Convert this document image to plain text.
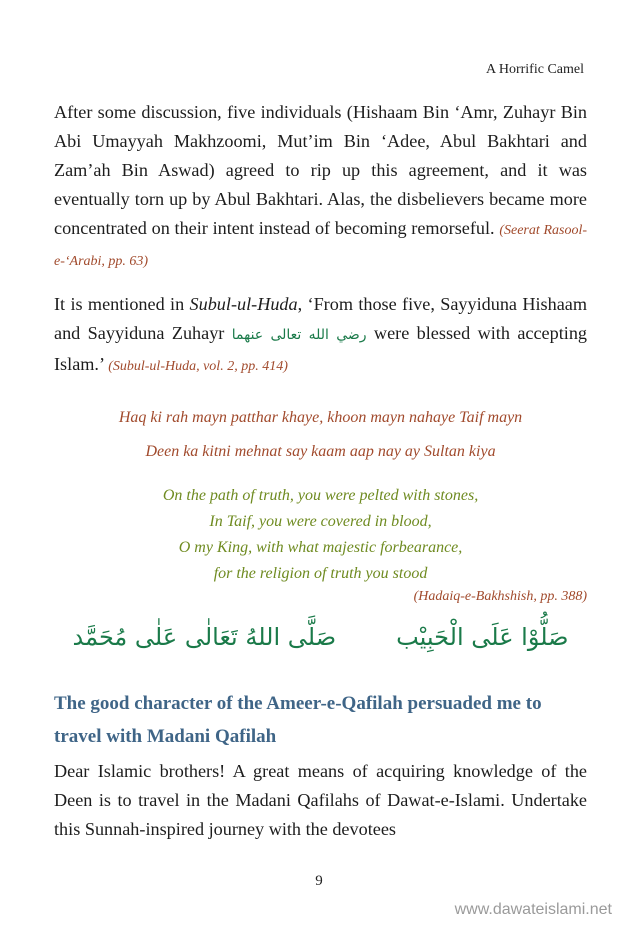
A Horrific Camel

After some discussion, five individuals (Hishaam Bin ‘Amr, Zuhayr Bin Abi Umayyah Makhzoomi, Mut’im Bin ‘Adee, Abul Bakhtari and Zam’ah Bin Aswad) agreed to rip up this agreement, and it was eventually torn up by Abul Bakhtari. Alas, the disbelievers became more concentrated on their intent instead of becoming remorseful. (Seerat Rasool-e-‘Arabi, pp. 63)

It is mentioned in Subul-ul-Huda, ‘From those five, Sayyiduna Hishaam and Sayyiduna Zuhayr رضي الله تعالى عنهما were blessed with accepting Islam.’ (Subul-ul-Huda, vol. 2, pp. 414)

Haq ki rah mayn patthar khaye, khoon mayn nahaye Taif mayn
Deen ka kitni mehnat say kaam aap nay ay Sultan kiya
On the path of truth, you were pelted with stones,
In Taif, you were covered in blood,
O my King, with what majestic forbearance,
for the religion of truth you stood
(Hadaiq-e-Bakhshish, pp. 388)
صَلُّوْا عَلَى الْحَبِيْب
صَلَّى اللهُ تَعَالٰى عَلٰى مُحَمَّد
The good character of the Ameer-e-Qafilah persuaded me to travel with Madani Qafilah

Dear Islamic brothers! A great means of acquiring knowledge of the Deen is to travel in the Madani Qafilahs of Dawat-e-Islami. Undertake this Sunnah-inspired journey with the devotees

9
www.dawateislami.net
